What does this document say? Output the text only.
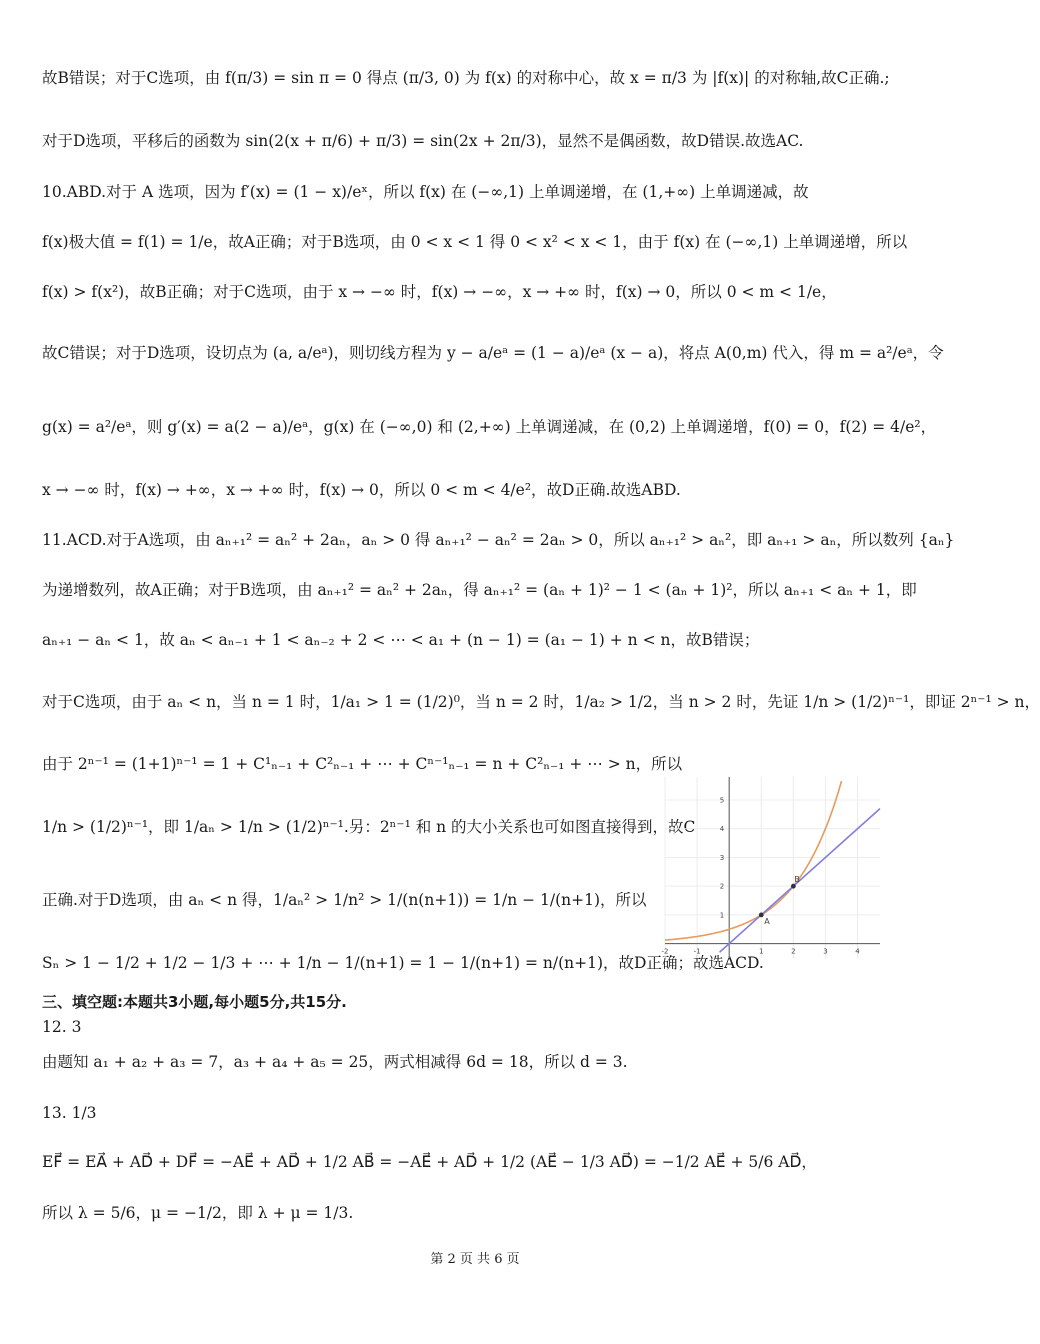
故B错误；对于C选项，由 f(π/3) = sin π = 0 得点 (π/3, 0) 为 f(x) 的对称中心，故 x = π/3 为 |f(x)| 的对称轴,故C正确.;
对于D选项，平移后的函数为 sin(2(x + π/6) + π/3) = sin(2x + 2π/3)，显然不是偶函数，故D错误.故选AC.
10.ABD.对于 A 选项，因为 f′(x) = (1 − x)/eˣ，所以 f(x) 在 (−∞,1) 上单调递增，在 (1,+∞) 上单调递减，故
f(x)极大值 = f(1) = 1/e，故A正确；对于B选项，由 0 < x < 1 得 0 < x² < x < 1，由于 f(x) 在 (−∞,1) 上单调递增，所以
f(x) > f(x²)，故B正确；对于C选项，由于 x → −∞ 时，f(x) → −∞，x → +∞ 时，f(x) → 0，所以 0 < m < 1/e，
故C错误；对于D选项，设切点为 (a, a/eᵃ)，则切线方程为 y − a/eᵃ = (1 − a)/eᵃ (x − a)，将点 A(0,m) 代入，得 m = a²/eᵃ，令
g(x) = a²/eᵃ，则 g′(x) = a(2 − a)/eᵃ，g(x) 在 (−∞,0) 和 (2,+∞) 上单调递减，在 (0,2) 上单调递增，f(0) = 0，f(2) = 4/e²，
x → −∞ 时，f(x) → +∞，x → +∞ 时，f(x) → 0，所以 0 < m < 4/e²，故D正确.故选ABD.
11.ACD.对于A选项，由 aₙ₊₁² = aₙ² + 2aₙ，aₙ > 0 得 aₙ₊₁² − aₙ² = 2aₙ > 0，所以 aₙ₊₁² > aₙ²，即 aₙ₊₁ > aₙ，所以数列 {aₙ}
为递增数列，故A正确；对于B选项，由 aₙ₊₁² = aₙ² + 2aₙ，得 aₙ₊₁² = (aₙ + 1)² − 1 < (aₙ + 1)²，所以 aₙ₊₁ < aₙ + 1，即
aₙ₊₁ − aₙ < 1，故 aₙ < aₙ₋₁ + 1 < aₙ₋₂ + 2 < ⋯ < a₁ + (n − 1) = (a₁ − 1) + n < n，故B错误；
对于C选项，由于 aₙ < n，当 n = 1 时，1/a₁ > 1 = (1/2)⁰，当 n = 2 时，1/a₂ > 1/2，当 n > 2 时，先证 1/n > (1/2)ⁿ⁻¹，即证 2ⁿ⁻¹ > n，
由于 2ⁿ⁻¹ = (1+1)ⁿ⁻¹ = 1 + C¹ₙ₋₁ + C²ₙ₋₁ + ⋯ + Cⁿ⁻¹ₙ₋₁ = n + C²ₙ₋₁ + ⋯ > n，所以
1/n > (1/2)ⁿ⁻¹，即 1/aₙ > 1/n > (1/2)ⁿ⁻¹.另：2ⁿ⁻¹ 和 n 的大小关系也可如图直接得到，故C
正确.对于D选项，由 aₙ < n 得，1/aₙ² > 1/n² > 1/(n(n+1)) = 1/n − 1/(n+1)，所以
Sₙ > 1 − 1/2 + 1/2 − 1/3 + ⋯ + 1/n − 1/(n+1) = 1 − 1/(n+1) = n/(n+1)，故D正确；故选ACD.
三、填空题:本题共3小题,每小题5分,共15分.
12. 3
由题知 a₁ + a₂ + a₃ = 7，a₃ + a₄ + a₅ = 25，两式相减得 6d = 18，所以 d = 3.
13. 1/3
EF⃗ = EA⃗ + AD⃗ + DF⃗ = −AE⃗ + AD⃗ + 1/2 AB⃗ = −AE⃗ + AD⃗ + 1/2 (AE⃗ − 1/3 AD⃗) = −1/2 AE⃗ + 5/6 AD⃗，
所以 λ = 5/6，μ = −1/2，即 λ + μ = 1/3.
-2	-1	1	2	3	4
1
2
3
4
5
A
B
第 2 页 共 6 页
